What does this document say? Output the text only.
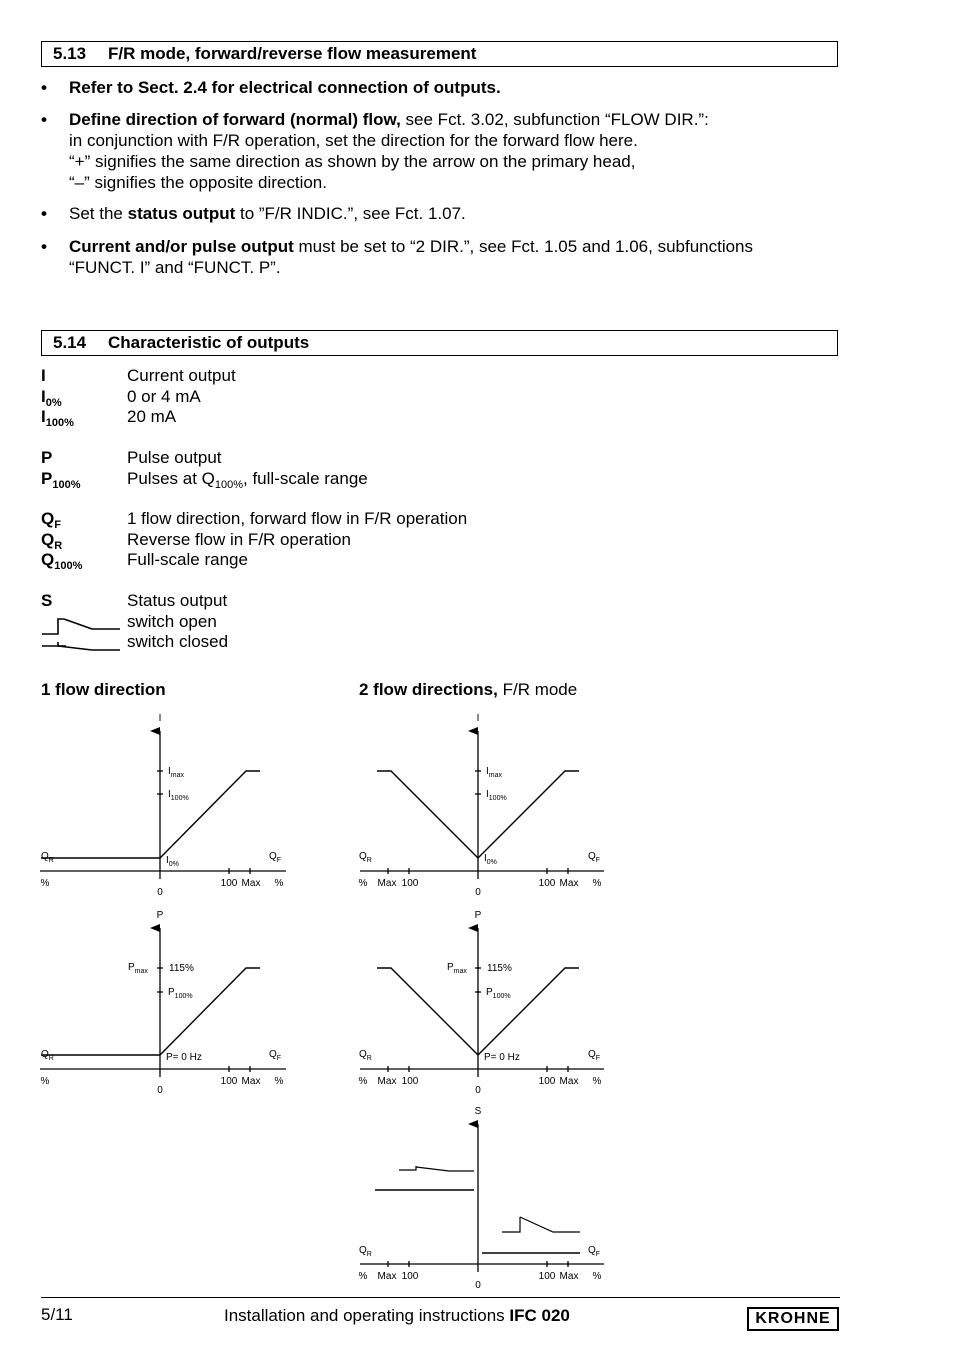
5.13 F/R mode, forward/reverse flow measurement
• Refer to Sect. 2.4 for electrical connection of outputs.
• Define direction of forward (normal) flow, see Fct. 3.02, subfunction “FLOW DIR.”:
in conjunction with F/R operation, set the direction for the forward flow here.
“+” signifies the same direction as shown by the arrow on the primary head,
“–” signifies the opposite direction.
• Set the status output to ”F/R INDIC.”, see Fct. 1.07.
• Current and/or pulse output must be set to “2 DIR.”, see Fct. 1.05 and 1.06, subfunctions
“FUNCT. I” and “FUNCT. P”.
5.14 Characteristic of outputs
I	Current output
$I_{0\%}$	0 or 4 mA
$I_{100\%}$	20 mA
P	Pulse output
$P_{100\%}$	Pulses at $Q_{100\%}$, full-scale range
$Q_F$	1 flow direction, forward flow in F/R operation
$Q_R$	Reverse flow in F/R operation
$Q_{100\%}$	Full-scale range
S	Status output
switch open
switch closed
1 flow direction	2 flow directions, F/R mode
I
0
$I_{max}$
$I_{100\%}$
$I_{0\%}$
$Q_R$	$Q_F$
%	100 Max %
I
0
$I_{max}$
$I_{100\%}$
$I_{0\%}$
$Q_R$	$Q_F$
100
Max
%	100 Max %
P
0
$P_{max}$ 115%
$P_{100\%}$
P= 0 Hz
$Q_R$	$Q_F$
%	100 Max %
P
0
$P_{max}$ 115%
$P_{100\%}$
P= 0 Hz
$Q_R$	$Q_F$
100
Max
%	100 Max %
S
0
$Q_R$	$Q_F$
100
Max
%	100 Max %
5/11	Installation and operating instructions IFC 020	KROHNE
